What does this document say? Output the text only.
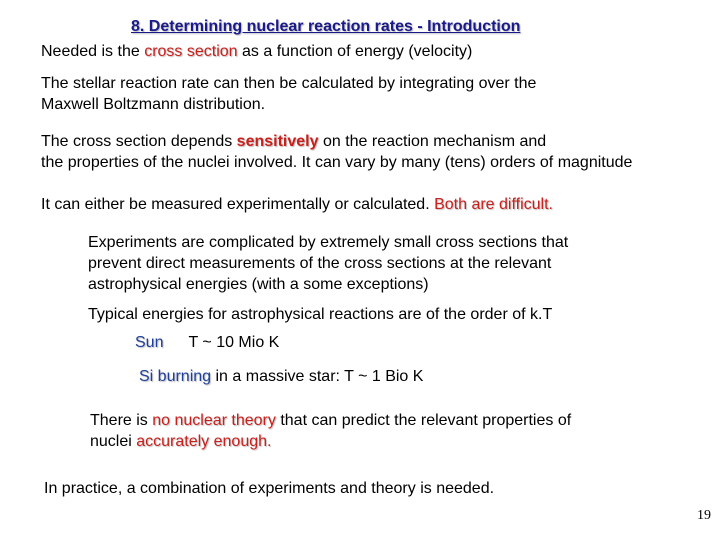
8. Determining nuclear reaction rates - Introduction
Needed is the cross section as a function of energy (velocity)
The stellar reaction rate can then be calculated by integrating over the
Maxwell Boltzmann distribution.
The cross section depends sensitively on the reaction mechanism and
the properties of the nuclei involved. It can vary by many (tens) orders of magnitude
It can either be measured experimentally or calculated. Both are difficult.
Experiments are complicated by extremely small cross sections that
prevent direct measurements of the cross sections at the relevant
astrophysical energies (with a some exceptions)
Typical energies for astrophysical reactions are of the order of k.T
Sun T ~ 10 Mio K
Si burning in a massive star: T ~ 1 Bio K
There is no nuclear theory that can predict the relevant properties of
nuclei accurately enough.
In practice, a combination of experiments and theory is needed.
19
